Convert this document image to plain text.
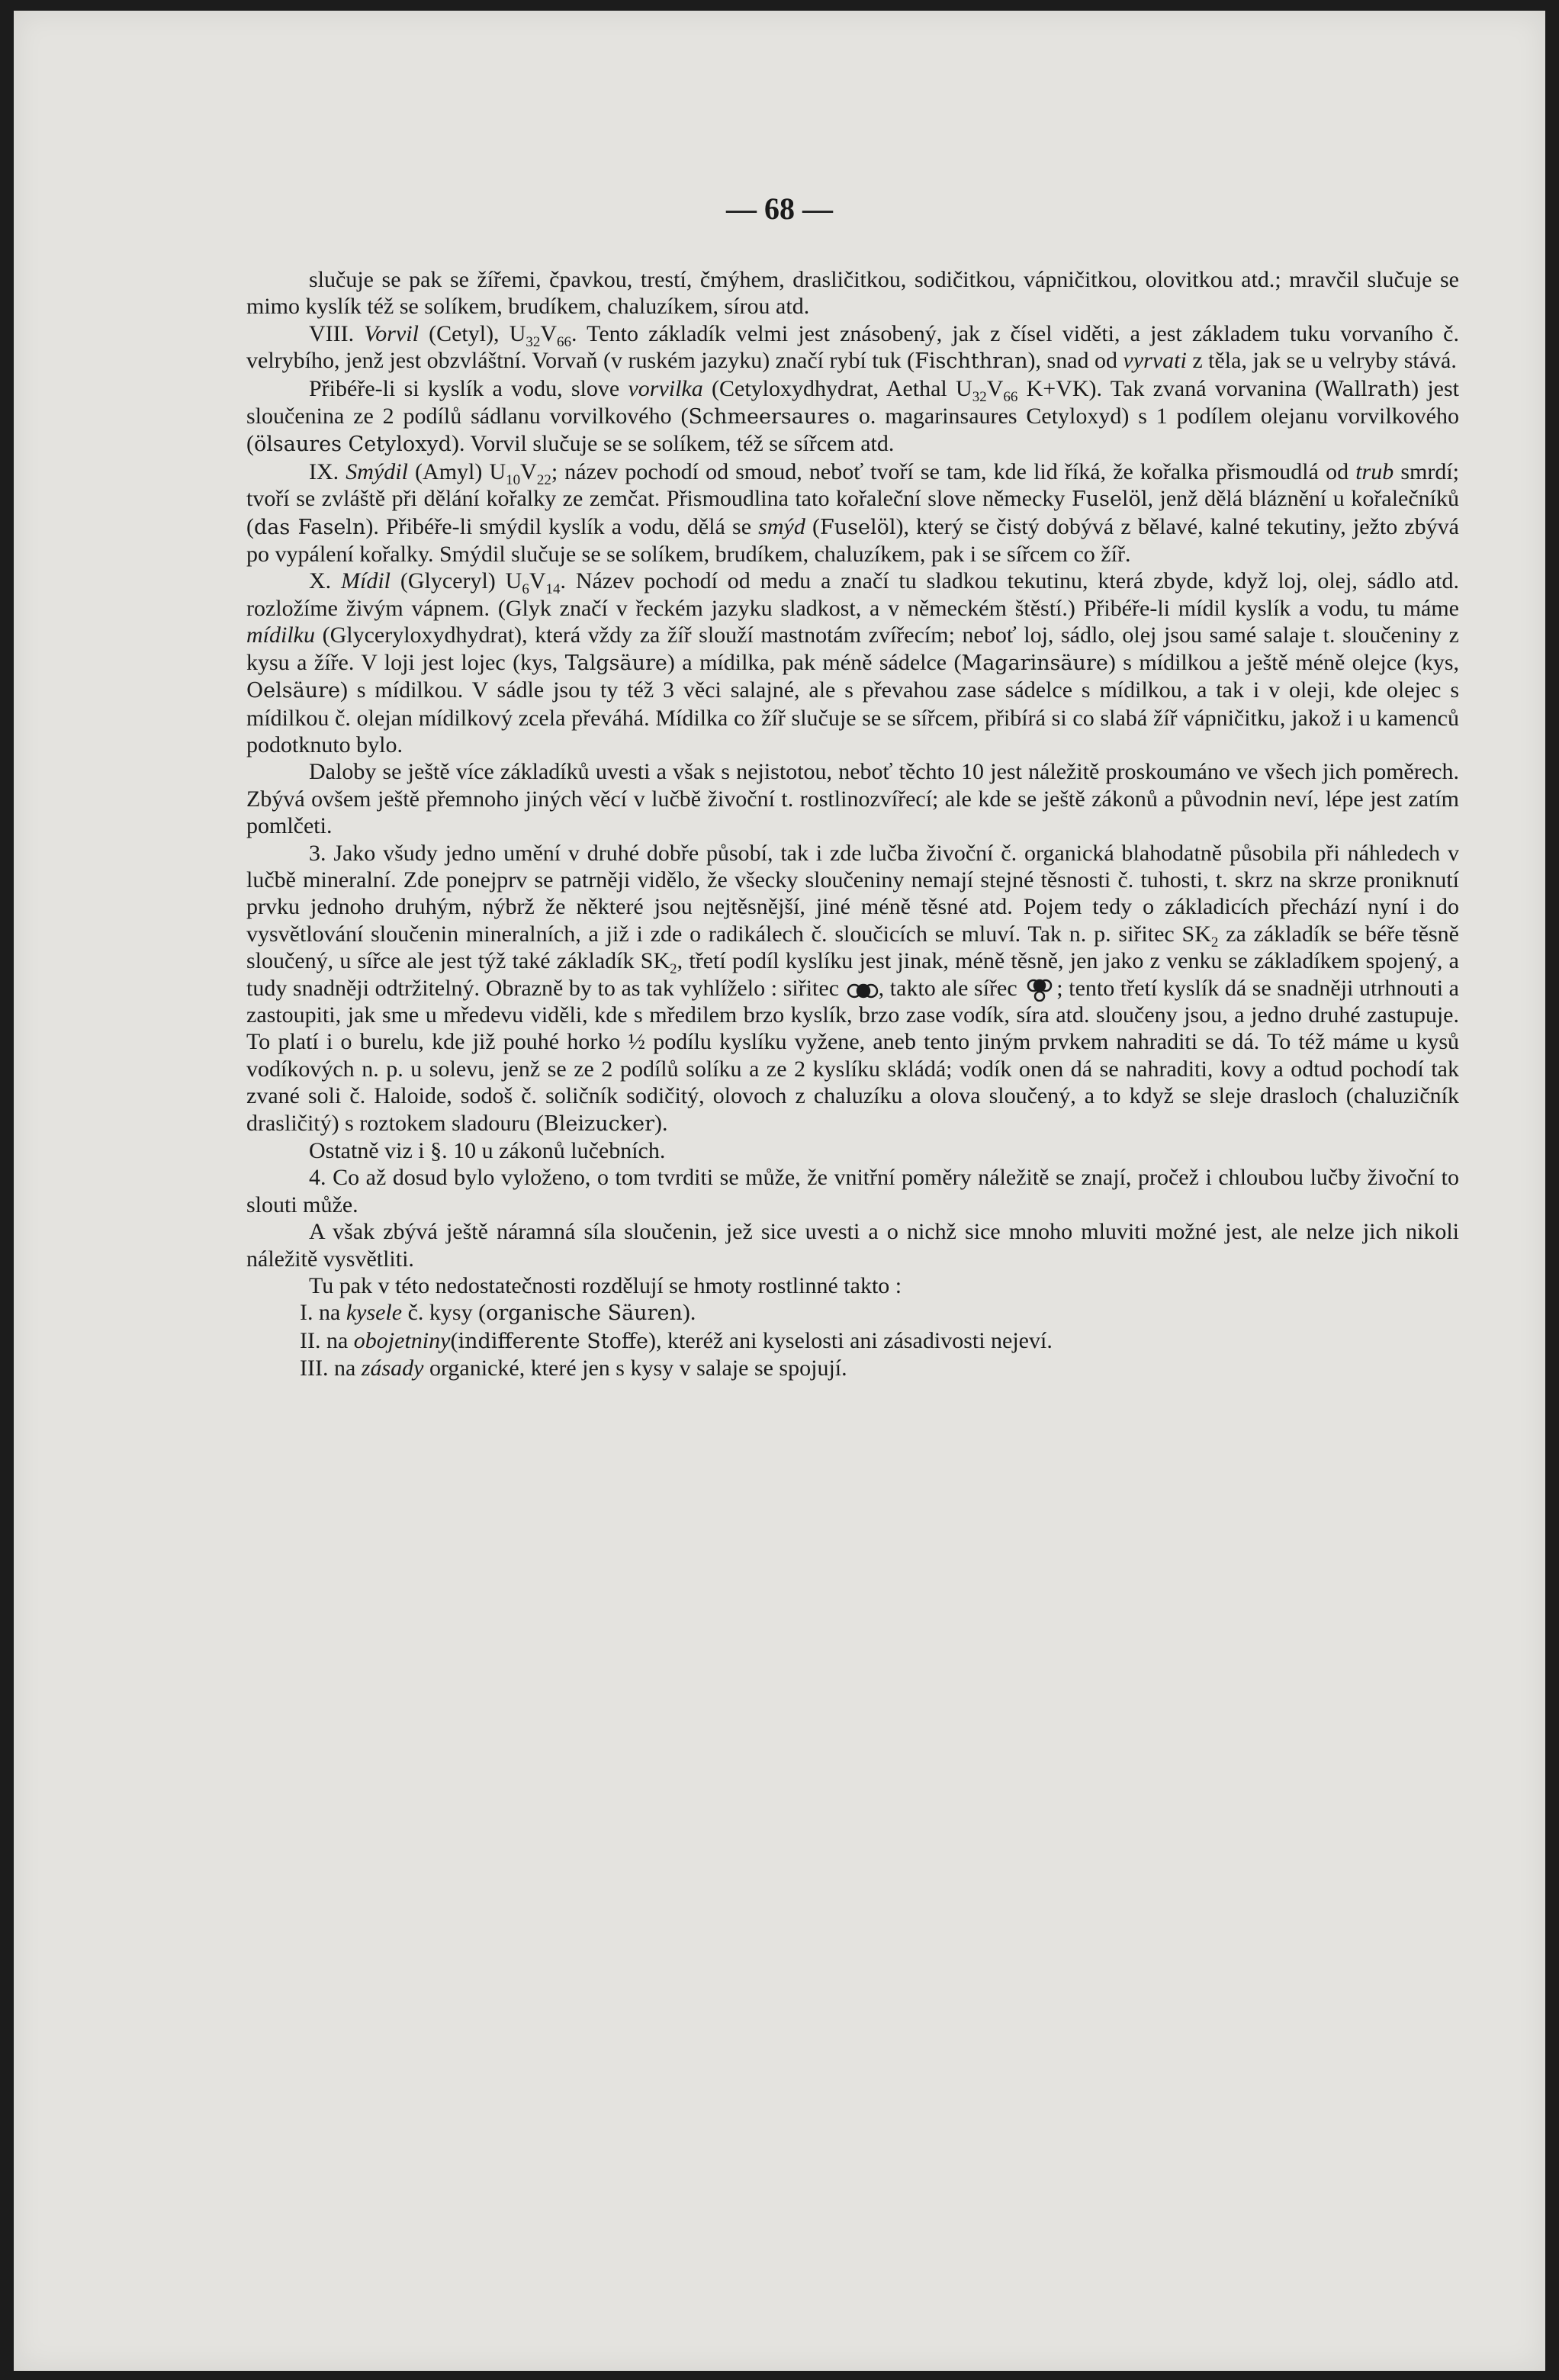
— 68 —

slučuje se pak se žířemi, čpavkou, trestí, čmýhem, drasličitkou, sodičitkou, vápničitkou, olovitkou atd.; mravčil slučuje se mimo kyslík též se solíkem, brudíkem, chaluzíkem, sírou atd.

VIII. Vorvil (Cetyl), $U_{32}V_{66}$. Tento základík velmi jest znásobený, jak z čísel viděti, a jest základem tuku vorvaního č. velrybího, jenž jest obzvláštní. Vorvaň (v ruském jazyku) značí rybí tuk (Fischthran), snad od vyrvati z těla, jak se u velryby stává.

Přibéře-li si kyslík a vodu, slove vorvilka (Cetyloxydhydrat, Aethal $U_{32}V_{66}$ K+VK). Tak zvaná vorvanina (Wallrath) jest sloučenina ze 2 podílů sádlanu vorvilkového (Schmeersaures o. magarinsaures Cetyloxyd) s 1 podílem olejanu vorvilkového (ölsaures Cetyloxyd). Vorvil slučuje se se solíkem, též se sířcem atd.

IX. Smýdil (Amyl) $U_{10}V_{22}$; název pochodí od smoud, neboť tvoří se tam, kde lid říká, že kořalka přismoudlá od trub smrdí; tvoří se zvláště při dělání kořalky ze zemčat. Přismoudlina tato kořaleční slove německy Fuselöl, jenž dělá bláznění u kořalečníků (das Faseln). Přibéře-li smýdil kyslík a vodu, dělá se smýd (Fuselöl), který se čistý dobývá z bělavé, kalné tekutiny, ježto zbývá po vypálení kořalky. Smýdil slučuje se se solíkem, brudíkem, chaluzíkem, pak i se sířcem co žíř.

X. Mídil (Glyceryl) $U_6V_{14}$. Název pochodí od medu a značí tu sladkou tekutinu, která zbyde, když loj, olej, sádlo atd. rozložíme živým vápnem. (Glyk značí v řeckém jazyku sladkost, a v německém štěstí.) Přibéře-li mídil kyslík a vodu, tu máme mídilku (Glyceryloxydhydrat), která vždy za žíř slouží mastnotám zvířecím; neboť loj, sádlo, olej jsou samé salaje t. sloučeniny z kysu a žíře. V loji jest lojec (kys, Talgsäure) a mídilka, pak méně sádelce (Magarinsäure) s mídilkou a ještě méně olejce (kys, Oelsäure) s mídilkou. V sádle jsou ty též 3 věci salajné, ale s převahou zase sádelce s mídilkou, a tak i v oleji, kde olejec s mídilkou č. olejan mídilkový zcela převáhá. Mídilka co žíř slučuje se se sířcem, přibírá si co slabá žíř vápničitku, jakož i u kamenců podotknuto bylo.

Daloby se ještě více základíků uvesti a však s nejistotou, neboť těchto 10 jest náležitě proskoumáno ve všech jich poměrech. Zbývá ovšem ještě přemnoho jiných věcí v lučbě živoční t. rostlinozvířecí; ale kde se ještě zákonů a původnin neví, lépe jest zatím pomlčeti.

3. Jako všudy jedno umění v druhé dobře působí, tak i zde lučba živoční č. organická blahodatně působila při náhledech v lučbě mineralní. Zde ponejprv se patrněji vidělo, že všecky sloučeniny nemají stejné těsnosti č. tuhosti, t. skrz na skrze proniknutí prvku jednoho druhým, nýbrž že některé jsou nejtěsnější, jiné méně těsné atd. Pojem tedy o základicích přechází nyní i do vysvětlování sloučenin mineralních, a již i zde o radikálech č. sloučicích se mluví. Tak n. p. siřitec $SK_2$ za základík se béře těsně sloučený, u sířce ale jest týž také základík $SK_2$, třetí podíl kyslíku jest jinak, méně těsně, jen jako z venku se základíkem spojený, a tudy snadněji odtržitelný. Obrazně by to as tak vyhlíželo : siřitec , takto ale sířec ; tento třetí kyslík dá se snadněji utrhnouti a zastoupiti, jak sme u mředevu viděli, kde s mředilem brzo kyslík, brzo zase vodík, síra atd. sloučeny jsou, a jedno druhé zastupuje. To platí i o burelu, kde již pouhé horko ½ podílu kyslíku vyžene, aneb tento jiným prvkem nahraditi se dá. To též máme u kysů vodíkových n. p. u solevu, jenž se ze 2 podílů solíku a ze 2 kyslíku skládá; vodík onen dá se nahraditi, kovy a odtud pochodí tak zvané soli č. Haloide, sodoš č. soličník sodičitý, olovoch z chaluzíku a olova sloučený, a to když se sleje drasloch (chaluzičník drasličitý) s roztokem sladouru (Bleizucker).

Ostatně viz i §. 10 u zákonů lučebních.

4. Co až dosud bylo vyloženo, o tom tvrditi se může, že vnitřní poměry náležitě se znají, pročež i chloubou lučby živoční to slouti může.

A však zbývá ještě náramná síla sloučenin, jež sice uvesti a o nichž sice mnoho mluviti možné jest, ale nelze jich nikoli náležitě vysvětliti.

Tu pak v této nedostatečnosti rozdělují se hmoty rostlinné takto :

I. na kysele č. kysy (organische Säuren).

II. na obojetniny(indifferente Stoffe), kteréž ani kyselosti ani zásadivosti nejeví.

III. na zásady organické, které jen s kysy v salaje se spojují.
